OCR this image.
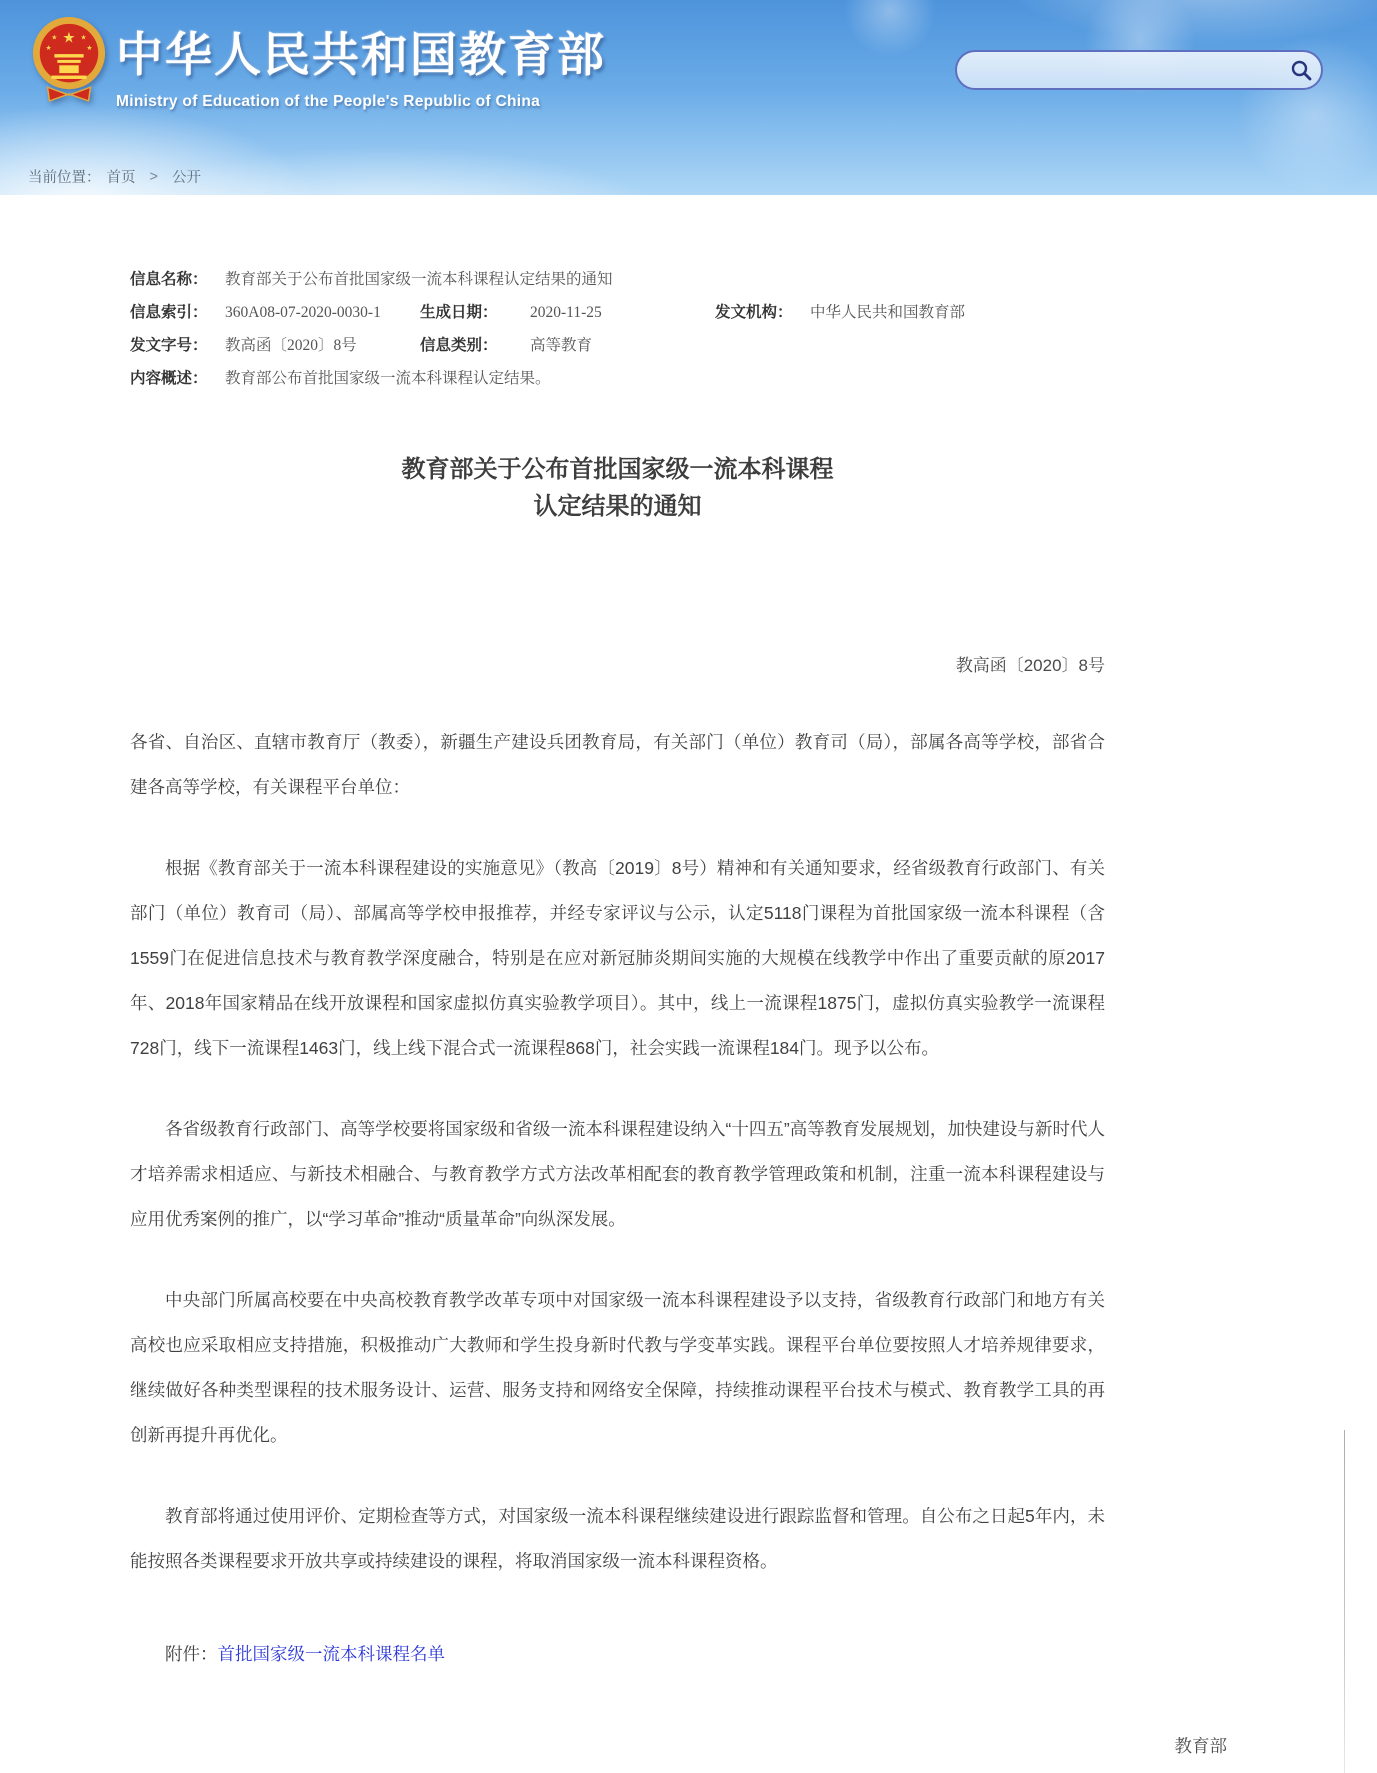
★
★	★
★	★ 中华人民共和国教育部
Ministry of Education of the People's Republic of China
当前位置： 首页 > 公开
信息名称：	教育部关于公布首批国家级一流本科课程认定结果的通知
信息索引：	360A08-07-2020-0030-1	生成日期：	2020-11-25	发文机构：	中华人民共和国教育部
发文字号：	教高函〔2020〕8号	信息类别：	高等教育
内容概述：	教育部公布首批国家级一流本科课程认定结果。
教育部关于公布首批国家级一流本科课程
认定结果的通知
教高函〔2020〕8号
各省、自治区、直辖市教育厅（教委），新疆生产建设兵团教育局，有关部门（单位）教育司（局），部属各高等学校，部省合建各高等学校，有关课程平台单位：

根据《教育部关于一流本科课程建设的实施意见》（教高〔2019〕8号）精神和有关通知要求，经省级教育行政部门、有关部门（单位）教育司（局）、部属高等学校申报推荐，并经专家评议与公示，认定5118门课程为首批国家级一流本科课程（含1559门在促进信息技术与教育教学深度融合，特别是在应对新冠肺炎期间实施的大规模在线教学中作出了重要贡献的原2017年、2018年国家精品在线开放课程和国家虚拟仿真实验教学项目）。其中，线上一流课程1875门，虚拟仿真实验教学一流课程728门，线下一流课程1463门，线上线下混合式一流课程868门，社会实践一流课程184门。现予以公布。

各省级教育行政部门、高等学校要将国家级和省级一流本科课程建设纳入“十四五”高等教育发展规划，加快建设与新时代人才培养需求相适应、与新技术相融合、与教育教学方式方法改革相配套的教育教学管理政策和机制，注重一流本科课程建设与应用优秀案例的推广，以“学习革命”推动“质量革命”向纵深发展。

中央部门所属高校要在中央高校教育教学改革专项中对国家级一流本科课程建设予以支持，省级教育行政部门和地方有关高校也应采取相应支持措施，积极推动广大教师和学生投身新时代教与学变革实践。课程平台单位要按照人才培养规律要求，继续做好各种类型课程的技术服务设计、运营、服务支持和网络安全保障，持续推动课程平台技术与模式、教育教学工具的再创新再提升再优化。

教育部将通过使用评价、定期检查等方式，对国家级一流本科课程继续建设进行跟踪监督和管理。自公布之日起5年内，未能按照各类课程要求开放共享或持续建设的课程，将取消国家级一流本科课程资格。

附件：首批国家级一流本科课程名单
教育部
